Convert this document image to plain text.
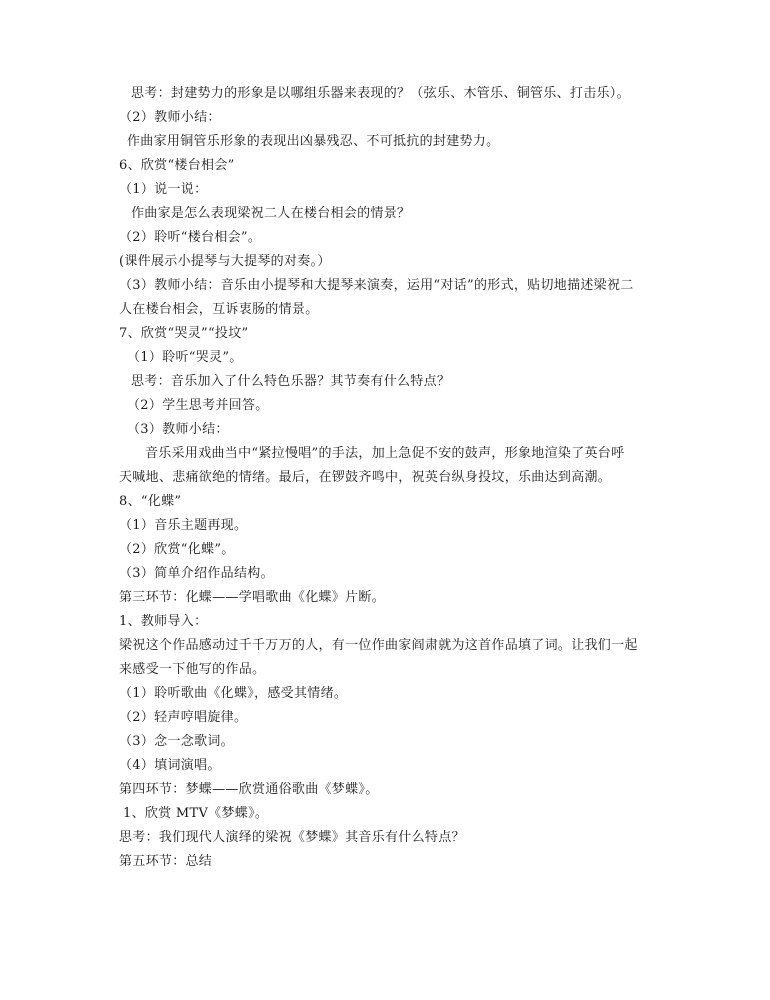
思考：封建势力的形象是以哪组乐器来表现的？（弦乐、木管乐、铜管乐、打击乐）。
（2）教师小结：
作曲家用铜管乐形象的表现出凶暴残忍、不可抵抗的封建势力。
6、欣赏“楼台相会”
（1）说一说：
作曲家是怎么表现梁祝二人在楼台相会的情景？
（2）聆听“楼台相会”。
(课件展示小提琴与大提琴的对奏。）
（3）教师小结：音乐由小提琴和大提琴来演奏，运用“对话”的形式，贴切地描述梁祝二
人在楼台相会，互诉衷肠的情景。
7、欣赏“哭灵”“投坟”
（1）聆听“哭灵”。
思考：音乐加入了什么特色乐器？其节奏有什么特点？
（2）学生思考并回答。
（3）教师小结：
音乐采用戏曲当中“紧拉慢唱”的手法，加上急促不安的鼓声，形象地渲染了英台呼
天喊地、悲痛欲绝的情绪。最后，在锣鼓齐鸣中，祝英台纵身投坟，乐曲达到高潮。
8、“化蝶”
（1）音乐主题再现。
（2）欣赏“化蝶”。
（3）简单介绍作品结构。
第三环节：化蝶——学唱歌曲《化蝶》片断。
1、教师导入：
梁祝这个作品感动过千千万万的人，有一位作曲家阎肃就为这首作品填了词。让我们一起
来感受一下他写的作品。
（1）聆听歌曲《化蝶》，感受其情绪。
（2）轻声哼唱旋律。
（3）念一念歌词。
（4）填词演唱。
第四环节：梦蝶——欣赏通俗歌曲《梦蝶》。
1、欣赏 MTV《梦蝶》。
思考：我们现代人演绎的梁祝《梦蝶》其音乐有什么特点？
第五环节：总结
